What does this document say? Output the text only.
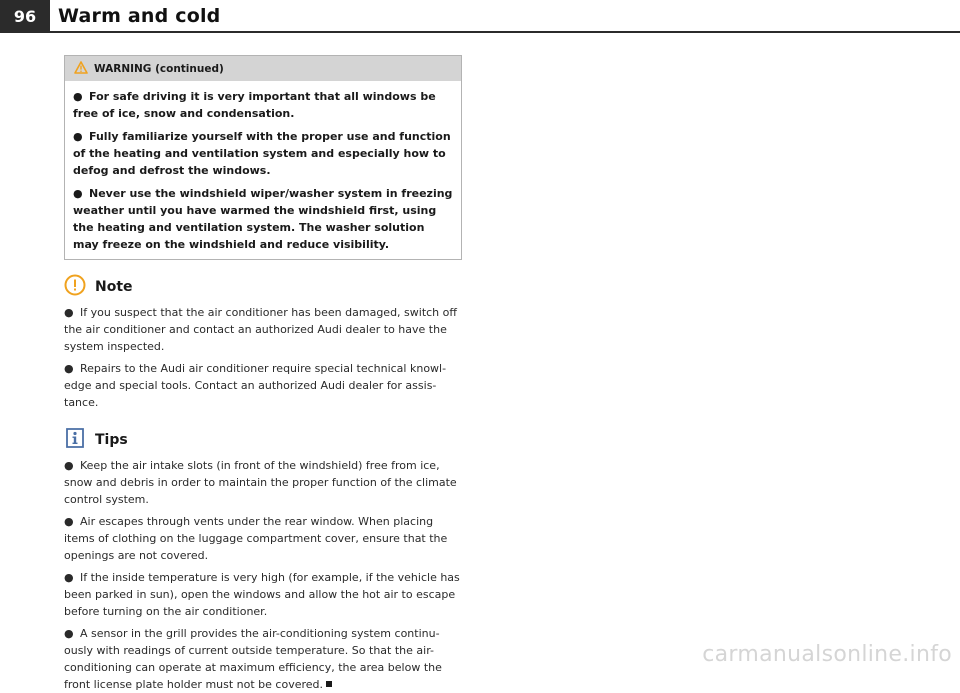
96	Warm and cold
WARNING (continued)

● For safe driving it is very important that all windows be free of ice, snow and condensation.

● Fully familiarize yourself with the proper use and function of the heating and ventilation system and especially how to defog and defrost the windows.

● Never use the windshield wiper/washer system in freezing weather until you have warmed the windshield first, using the heating and ventilation system. The washer solution may freeze on the windshield and reduce visibility.

Note

● If you suspect that the air conditioner has been damaged, switch off the air conditioner and contact an authorized Audi dealer to have the system inspected.

● Repairs to the Audi air conditioner require special technical knowl-edge and special tools. Contact an authorized Audi dealer for assis-tance.

Tips

● Keep the air intake slots (in front of the windshield) free from ice, snow and debris in order to maintain the proper function of the climate control system.

● Air escapes through vents under the rear window. When placing items of clothing on the luggage compartment cover, ensure that the openings are not covered.

● If the inside temperature is very high (for example, if the vehicle has been parked in sun), open the windows and allow the hot air to escape before turning on the air conditioner.

● A sensor in the grill provides the air-conditioning system continu-ously with readings of current outside temperature. So that the air-conditioning can operate at maximum efficiency, the area below the front license plate holder must not be covered.

carmanualsonline.info
